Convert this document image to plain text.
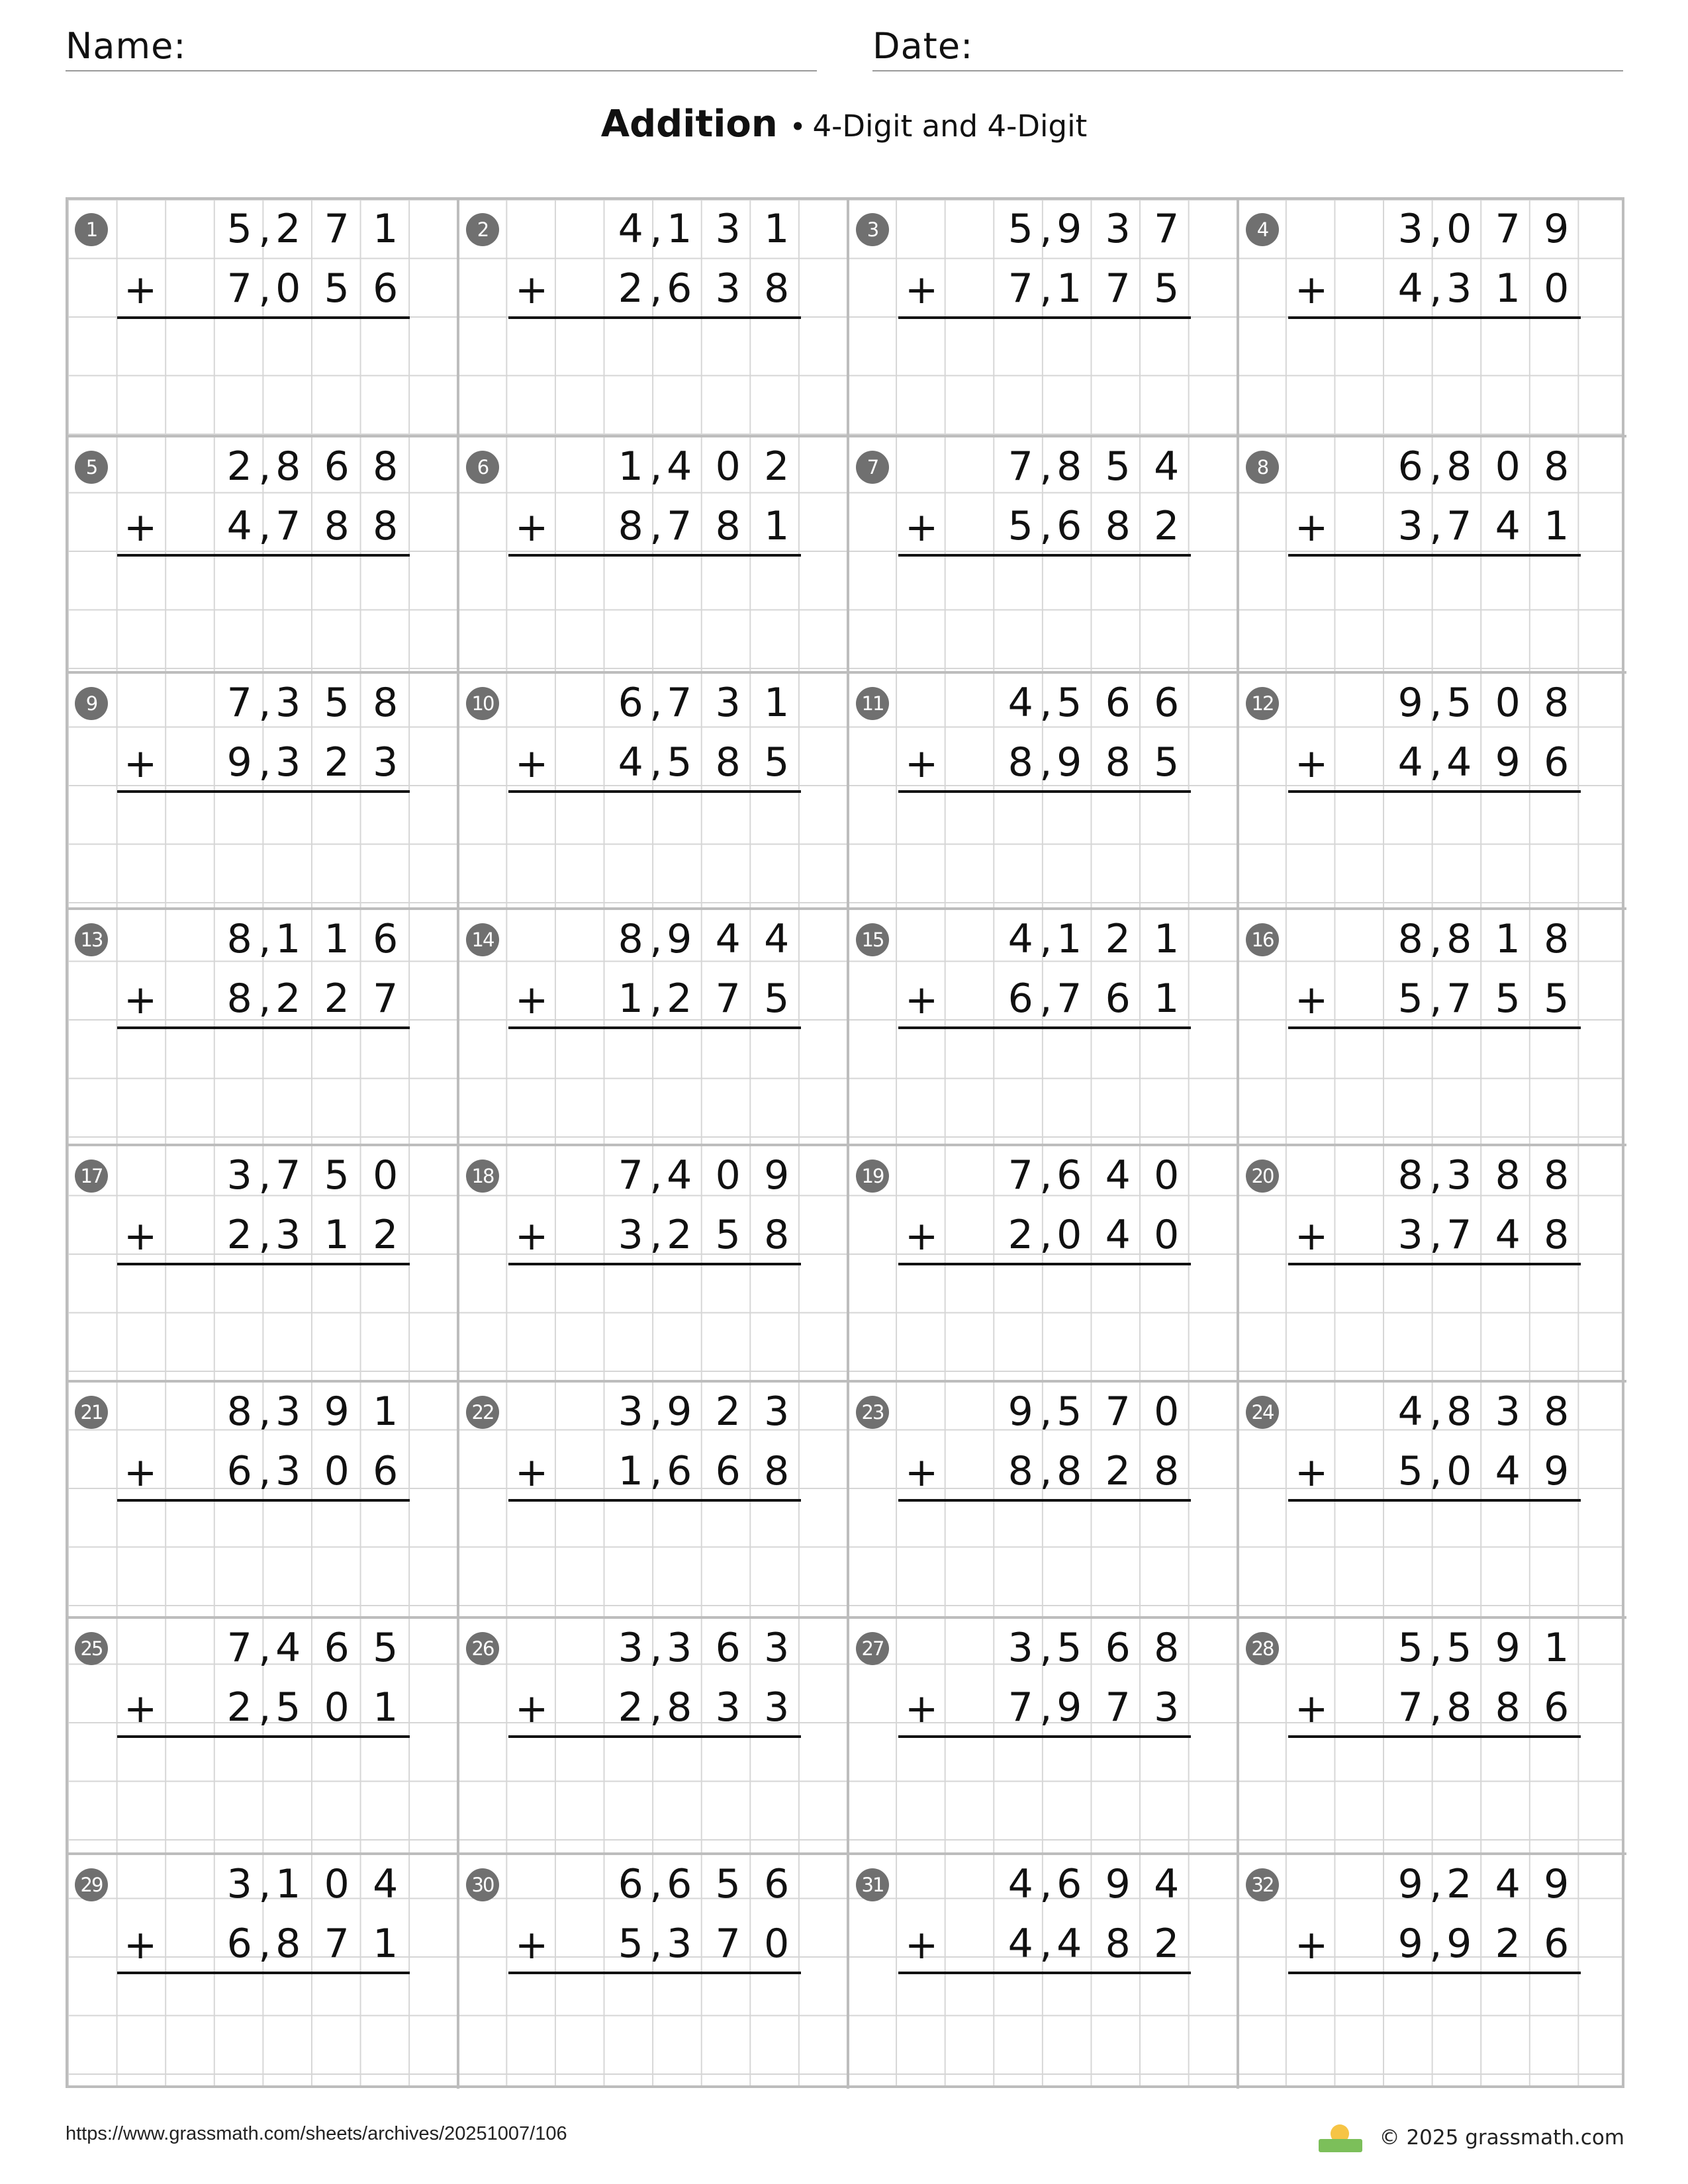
Name:	Date:
Addition • 4-Digit and 4-Digit
1	5 , 2 7 1
7 , 0 5 6
+
2	4 , 1 3 1
2 , 6 3 8
+
3	5 , 9 3 7
7 , 1 7 5
+
4	3 , 0 7 9
4 , 3 1 0
+
5	2 , 8 6 8
4 , 7 8 8
+
6	1 , 4 0 2
8 , 7 8 1
+
7	7 , 8 5 4
5 , 6 8 2
+
8	6 , 8 0 8
3 , 7 4 1
+
9	7 , 3 5 8
9 , 3 2 3
+
10	6 , 7 3 1
4 , 5 8 5
+
11	4 , 5 6 6
8 , 9 8 5
+
12	9 , 5 0 8
4 , 4 9 6
+
13	8 , 1 1 6
8 , 2 2 7
+
14	8 , 9 4 4
1 , 2 7 5
+
15	4 , 1 2 1
6 , 7 6 1
+
16	8 , 8 1 8
5 , 7 5 5
+
17	3 , 7 5 0
2 , 3 1 2
+
18	7 , 4 0 9
3 , 2 5 8
+
19	7 , 6 4 0
2 , 0 4 0
+
20	8 , 3 8 8
3 , 7 4 8
+
21	8 , 3 9 1
6 , 3 0 6
+
22	3 , 9 2 3
1 , 6 6 8
+
23	9 , 5 7 0
8 , 8 2 8
+
24	4 , 8 3 8
5 , 0 4 9
+
25	7 , 4 6 5
2 , 5 0 1
+
26	3 , 3 6 3
2 , 8 3 3
+
27	3 , 5 6 8
7 , 9 7 3
+
28	5 , 5 9 1
7 , 8 8 6
+
29	3 , 1 0 4
6 , 8 7 1
+
30	6 , 6 5 6
5 , 3 7 0
+
31	4 , 6 9 4
4 , 4 8 2
+
32	9 , 2 4 9
9 , 9 2 6
+
https://www.grassmath.com/sheets/archives/20251007/106	© 2025 grassmath.com
